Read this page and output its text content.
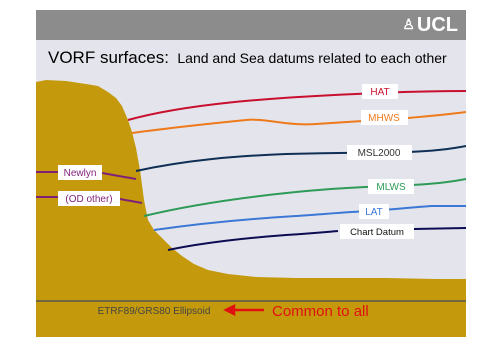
HAT
MHWS
MSL2000
MLWS
LAT
Chart Datum
Newlyn
(OD other)
ETRF89/GRS80 Ellipsoid	Common to all
♙ UCL
VORF surfaces: Land and Sea datums related to each other
